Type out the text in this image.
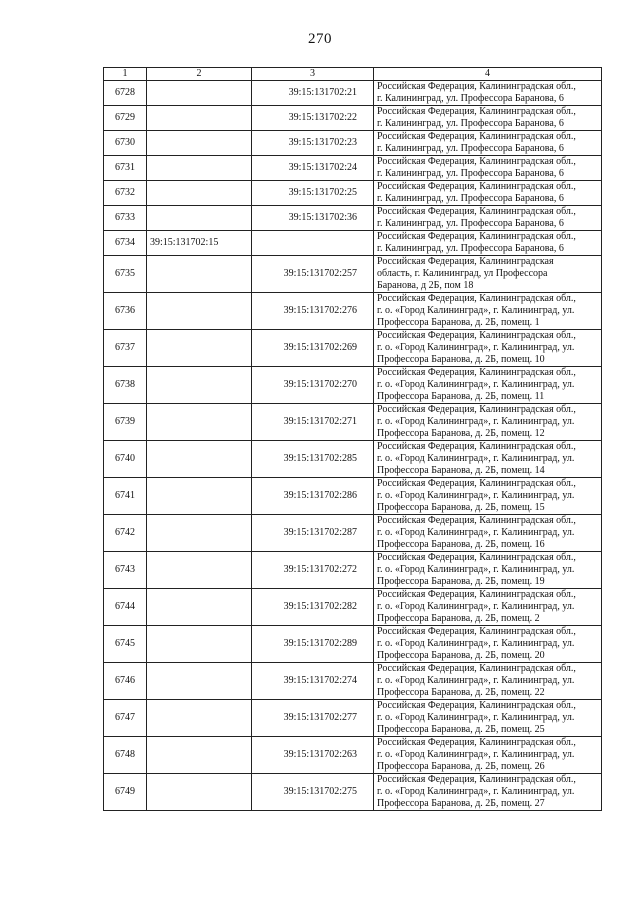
270
1	2	3	4
6728		39:15:131702:21	Российская Федерация, Калининградская обл.,
г. Калининград, ул. Профессора Баранова, 6

6729		39:15:131702:22	Российская Федерация, Калининградская обл.,
г. Калининград, ул. Профессора Баранова, 6

6730		39:15:131702:23	Российская Федерация, Калининградская обл.,
г. Калининград, ул. Профессора Баранова, 6

6731		39:15:131702:24	Российская Федерация, Калининградская обл.,
г. Калининград, ул. Профессора Баранова, 6

6732		39:15:131702:25	Российская Федерация, Калининградская обл.,
г. Калининград, ул. Профессора Баранова, 6

6733		39:15:131702:36	Российская Федерация, Калининградская обл.,
г. Калининград, ул. Профессора Баранова, 6

6734	39:15:131702:15		Российская Федерация, Калининградская обл.,
г. Калининград, ул. Профессора Баранова, 6

6735		39:15:131702:257	Российская Федерация, Калининградская
область, г. Калининград, ул Профессора
Баранова, д 2Б, пом 18

6736		39:15:131702:276	Российская Федерация, Калининградская обл.,
г. о. «Город Калининград», г. Калининград, ул.
Профессора Баранова, д. 2Б, помещ. 1

6737		39:15:131702:269	Российская Федерация, Калининградская обл.,
г. о. «Город Калининград», г. Калининград, ул.
Профессора Баранова, д. 2Б, помещ. 10

6738		39:15:131702:270	Российская Федерация, Калининградская обл.,
г. о. «Город Калининград», г. Калининград, ул.
Профессора Баранова, д. 2Б, помещ. 11

6739		39:15:131702:271	Российская Федерация, Калининградская обл.,
г. о. «Город Калининград», г. Калининград, ул.
Профессора Баранова, д. 2Б, помещ. 12

6740		39:15:131702:285	Российская Федерация, Калининградская обл.,
г. о. «Город Калининград», г. Калининград, ул.
Профессора Баранова, д. 2Б, помещ. 14

6741		39:15:131702:286	Российская Федерация, Калининградская обл.,
г. о. «Город Калининград», г. Калининград, ул.
Профессора Баранова, д. 2Б, помещ. 15

6742		39:15:131702:287	Российская Федерация, Калининградская обл.,
г. о. «Город Калининград», г. Калининград, ул.
Профессора Баранова, д. 2Б, помещ. 16

6743		39:15:131702:272	Российская Федерация, Калининградская обл.,
г. о. «Город Калининград», г. Калининград, ул.
Профессора Баранова, д. 2Б, помещ. 19

6744		39:15:131702:282	Российская Федерация, Калининградская обл.,
г. о. «Город Калининград», г. Калининград, ул.
Профессора Баранова, д. 2Б, помещ. 2

6745		39:15:131702:289	Российская Федерация, Калининградская обл.,
г. о. «Город Калининград», г. Калининград, ул.
Профессора Баранова, д. 2Б, помещ. 20

6746		39:15:131702:274	Российская Федерация, Калининградская обл.,
г. о. «Город Калининград», г. Калининград, ул.
Профессора Баранова, д. 2Б, помещ. 22

6747		39:15:131702:277	Российская Федерация, Калининградская обл.,
г. о. «Город Калининград», г. Калининград, ул.
Профессора Баранова, д. 2Б, помещ. 25

6748		39:15:131702:263	Российская Федерация, Калининградская обл.,
г. о. «Город Калининград», г. Калининград, ул.
Профессора Баранова, д. 2Б, помещ. 26

6749		39:15:131702:275	Российская Федерация, Калининградская обл.,
г. о. «Город Калининград», г. Калининград, ул.
Профессора Баранова, д. 2Б, помещ. 27
